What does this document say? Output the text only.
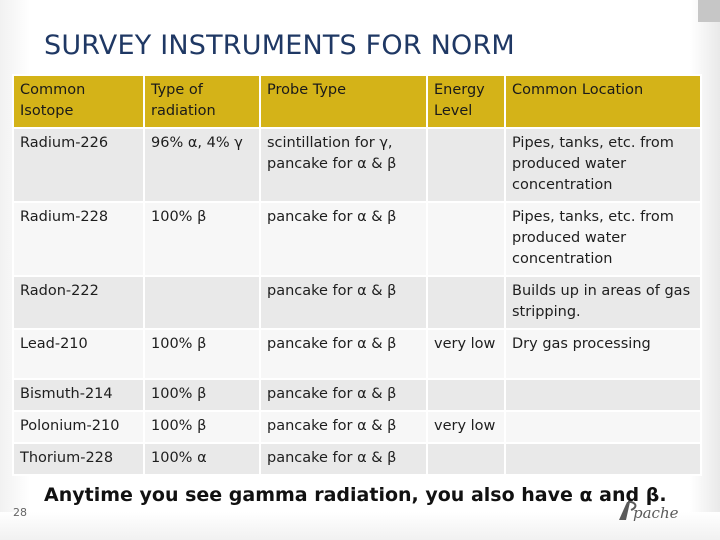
SURVEY INSTRUMENTS FOR NORM
Common Isotope	Type of radiation	Probe Type	Energy Level	Common Location
Radium-226	96% α, 4% γ	scintillation for γ, pancake for α & β		Pipes, tanks, etc. from produced water concentration
Radium-228	100% β	pancake for α & β		Pipes, tanks, etc. from produced water concentration
Radon-222		pancake for α & β		Builds up in areas of gas stripping.
Lead-210	100% β	pancake for α & β	very low	Dry gas processing
Bismuth-214	100% β	pancake for α & β		
Polonium-210	100% β	pancake for α & β	very low	
Thorium-228	100% α	pancake for α & β		
Anytime you see gamma radiation, you also have α and β.
28	pache
